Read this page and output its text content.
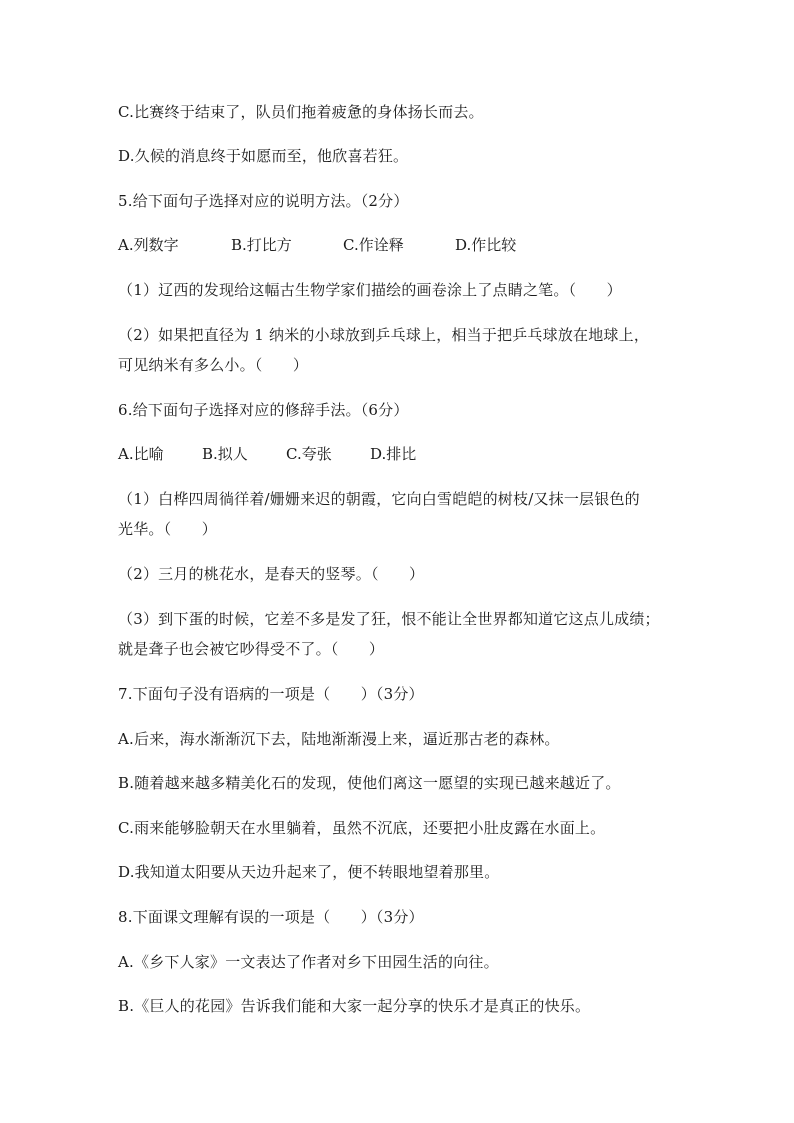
C.比赛终于结束了，队员们拖着疲惫的身体扬长而去。
D.久候的消息终于如愿而至，他欣喜若狂。
5.给下面句子选择对应的说明方法。（2分）
A.列数字	B.打比方	C.作诠释	D.作比较
（1）辽西的发现给这幅古生物学家们描绘的画卷涂上了点睛之笔。（　　）
（2）如果把直径为 1 纳米的小球放到乒乓球上，相当于把乒乓球放在地球上，
可见纳米有多么小。（　　）
6.给下面句子选择对应的修辞手法。（6分）
A.比喻	B.拟人	C.夸张	D.排比
（1）白桦四周徜徉着/姗姗来迟的朝霞，它向白雪皑皑的树枝/又抹一层银色的
光华。（　　）
（2）三月的桃花水，是春天的竖琴。（　　）
（3）到下蛋的时候，它差不多是发了狂，恨不能让全世界都知道它这点儿成绩；
就是聋子也会被它吵得受不了。（　　）
7.下面句子没有语病的一项是（　　）（3分）
A.后来，海水渐渐沉下去，陆地渐渐漫上来，逼近那古老的森林。
B.随着越来越多精美化石的发现，使他们离这一愿望的实现已越来越近了。
C.雨来能够脸朝天在水里躺着，虽然不沉底，还要把小肚皮露在水面上。
D.我知道太阳要从天边升起来了，便不转眼地望着那里。
8.下面课文理解有误的一项是（　　）（3分）
A.《乡下人家》一文表达了作者对乡下田园生活的向往。
B.《巨人的花园》告诉我们能和大家一起分享的快乐才是真正的快乐。
